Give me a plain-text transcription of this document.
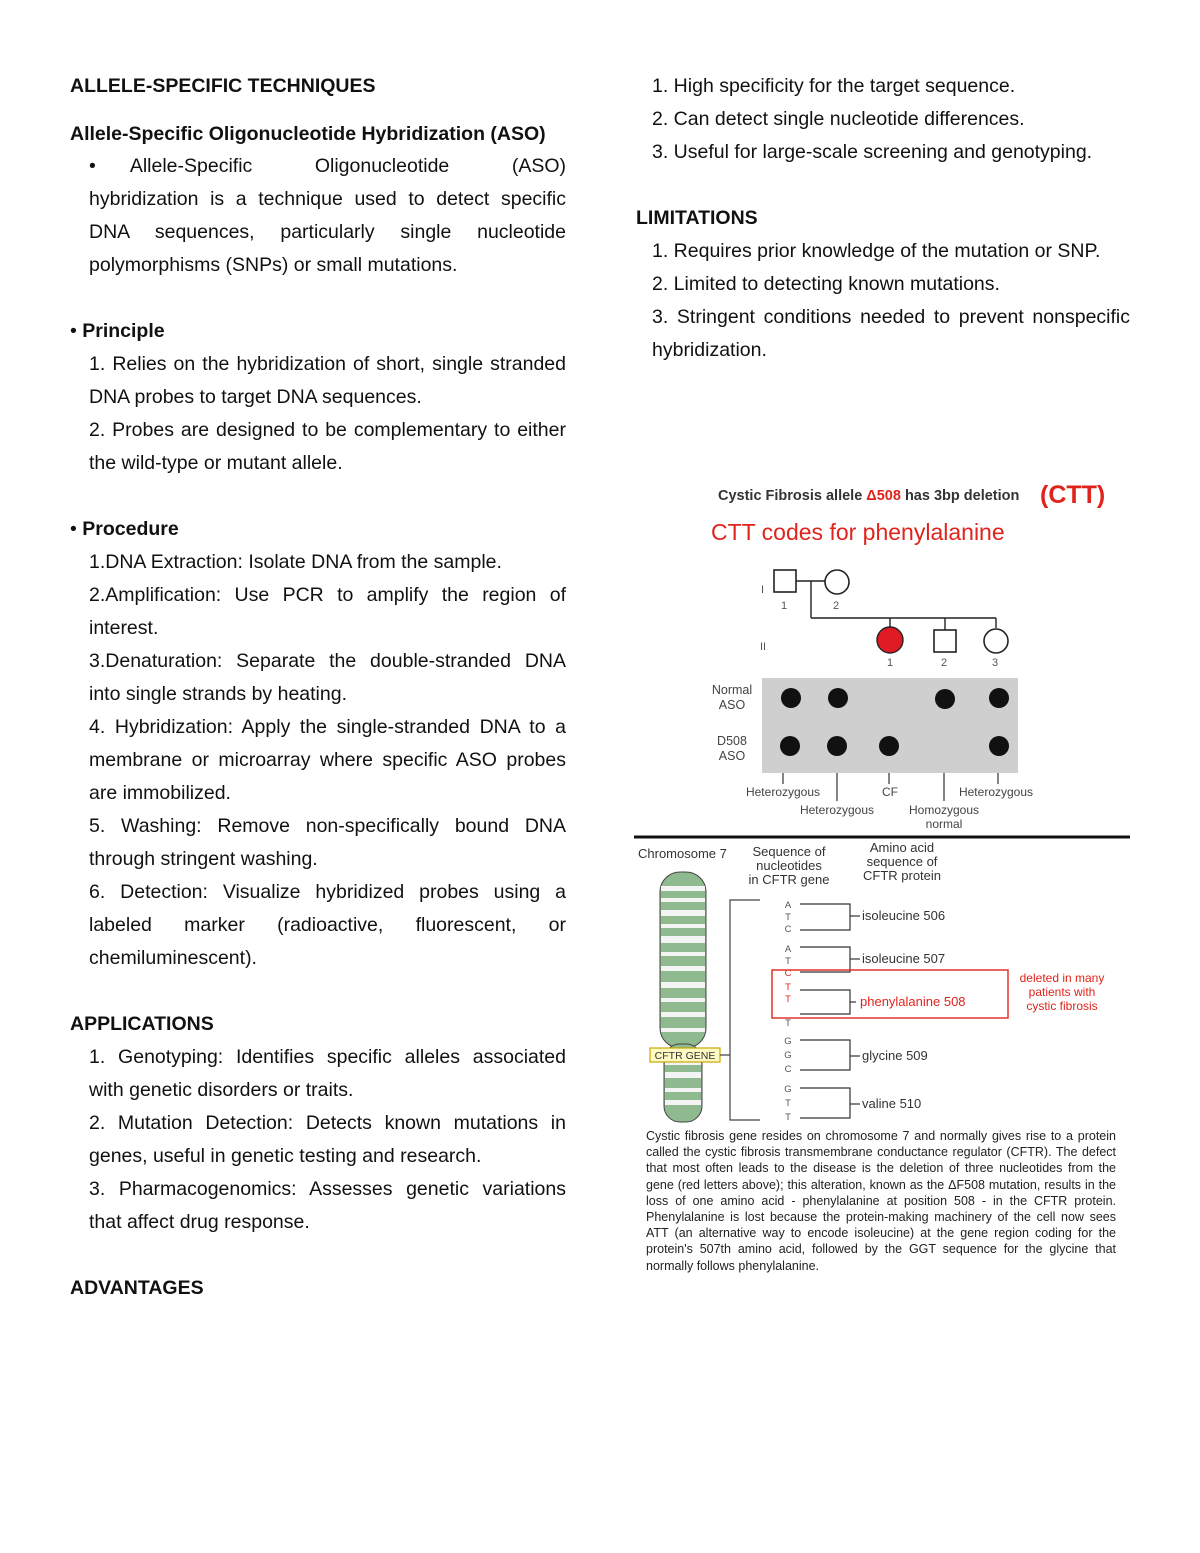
ALLELE-SPECIFIC TECHNIQUES
Allele-Specific Oligonucleotide Hybridization (ASO)
• Allele-Specific Oligonucleotide (ASO) hybridization is a technique used to detect specific DNA sequences, particularly single nucleotide polymorphisms (SNPs) or small mutations.
• Principle
1. Relies on the hybridization of short, single stranded DNA probes to target DNA sequences.
2. Probes are designed to be complementary to either the wild-type or mutant allele.
• Procedure
1.DNA Extraction: Isolate DNA from the sample.
2.Amplification: Use PCR to amplify the region of interest.
3.Denaturation: Separate the double-stranded DNA into single strands by heating.
4. Hybridization: Apply the single-stranded DNA to a membrane or microarray where specific ASO probes are immobilized.
5. Washing: Remove non-specifically bound DNA through stringent washing.
6. Detection: Visualize hybridized probes using a labeled marker (radioactive, fluorescent, or chemiluminescent).
APPLICATIONS
1. Genotyping: Identifies specific alleles associated
with genetic disorders or traits.
2. Mutation Detection: Detects known mutations in
genes, useful in genetic testing and research.
3. Pharmacogenomics: Assesses genetic variations
that affect drug response.
ADVANTAGES
1. High specificity for the target sequence.
2. Can detect single nucleotide differences.
3. Useful for large-scale screening and genotyping.
LIMITATIONS
1. Requires prior knowledge of the mutation or SNP.
2. Limited to detecting known mutations.
3. Stringent conditions needed to prevent nonspecific hybridization.
Cystic Fibrosis allele Δ508 has 3bp deletion (CTT)
CTT codes for phenylalanine
I
1	2
II
1	2	3
Normal ASO
D508 ASO
Heterozygous	CF	Heterozygous
Heterozygous	Homozygous normal
Chromosome 7	Sequence of nucleotides in CFTR gene
Amino acid sequence of CFTR protein
CFTR GENE
A
T
C
A
T
C
T
T
T
G
G
C
G
T
T
isoleucine 506
isoleucine 507
phenylalanine 508
glycine 509
valine 510
deleted in many patients with cystic fibrosis
Cystic fibrosis gene resides on chromosome 7 and normally gives rise to a protein called the cystic fibrosis transmembrane conductance regulator (CFTR). The defect that most often leads to the disease is the deletion of three nucleotides from the gene (red letters above); this alteration, known as the ΔF508 mutation, results in the loss of one amino acid - phenylalanine at position 508 - in the CFTR protein. Phenylalanine is lost because the protein-making machinery of the cell now sees ATT (an alternative way to encode isoleucine) at the gene region coding for the protein's 507th amino acid, followed by the GGT sequence for the glycine that normally follows phenylalanine.
